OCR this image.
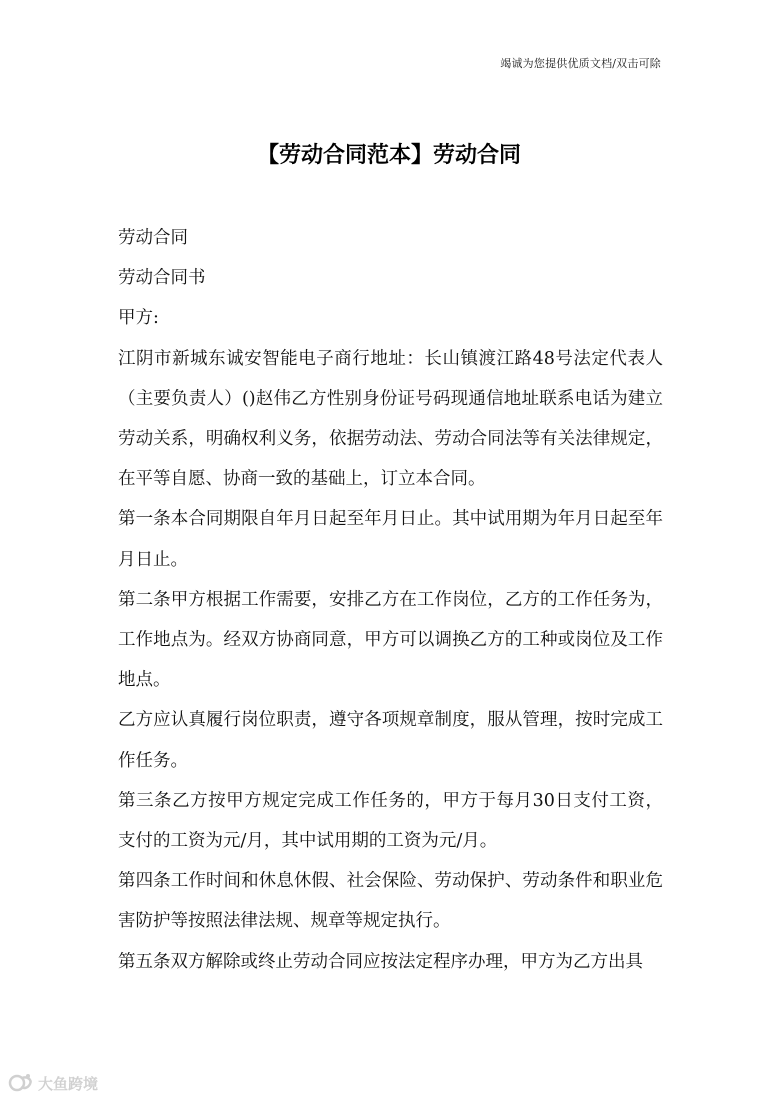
竭诚为您提供优质文档/双击可除
【劳动合同范本】劳动合同

劳动合同

劳动合同书

甲方:

江阴市新城东诚安智能电子商行地址：长山镇渡江路48号法定代表人（主要负责人）()赵伟乙方性别身份证号码现通信地址联系电话为建立劳动关系，明确权利义务，依据劳动法、劳动合同法等有关法律规定，在平等自愿、协商一致的基础上，订立本合同。

第一条本合同期限自年月日起至年月日止。其中试用期为年月日起至年月日止。

第二条甲方根据工作需要，安排乙方在工作岗位，乙方的工作任务为，工作地点为。经双方协商同意，甲方可以调换乙方的工种或岗位及工作地点。

乙方应认真履行岗位职责，遵守各项规章制度，服从管理，按时完成工作任务。

第三条乙方按甲方规定完成工作任务的，甲方于每月30日支付工资，支付的工资为元/月，其中试用期的工资为元/月。

第四条工作时间和休息休假、社会保险、劳动保护、劳动条件和职业危害防护等按照法律法规、规章等规定执行。

第五条双方解除或终止劳动合同应按法定程序办理，甲方为乙方出具

大鱼跨境
